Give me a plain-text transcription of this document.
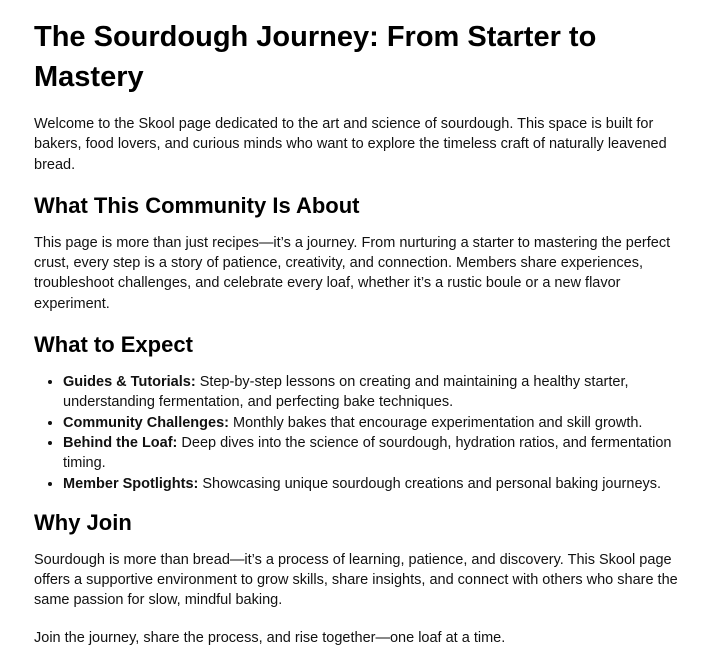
The Sourdough Journey: From Starter to Mastery

Welcome to the Skool page dedicated to the art and science of sourdough. This space is built for bakers, food lovers, and curious minds who want to explore the timeless craft of naturally leavened bread.

What This Community Is About

This page is more than just recipes—it’s a journey. From nurturing a starter to mastering the perfect crust, every step is a story of patience, creativity, and connection. Members share experiences, troubleshoot challenges, and celebrate every loaf, whether it’s a rustic boule or a new flavor experiment.

What to Expect
• Guides & Tutorials: Step-by-step lessons on creating and maintaining a healthy starter, understanding fermentation, and perfecting bake techniques.
• Community Challenges: Monthly bakes that encourage experimentation and skill growth.
• Behind the Loaf: Deep dives into the science of sourdough, hydration ratios, and fermentation timing.
• Member Spotlights: Showcasing unique sourdough creations and personal baking journeys.
Why Join

Sourdough is more than bread—it’s a process of learning, patience, and discovery. This Skool page offers a supportive environment to grow skills, share insights, and connect with others who share the same passion for slow, mindful baking.

Join the journey, share the process, and rise together—one loaf at a time.
